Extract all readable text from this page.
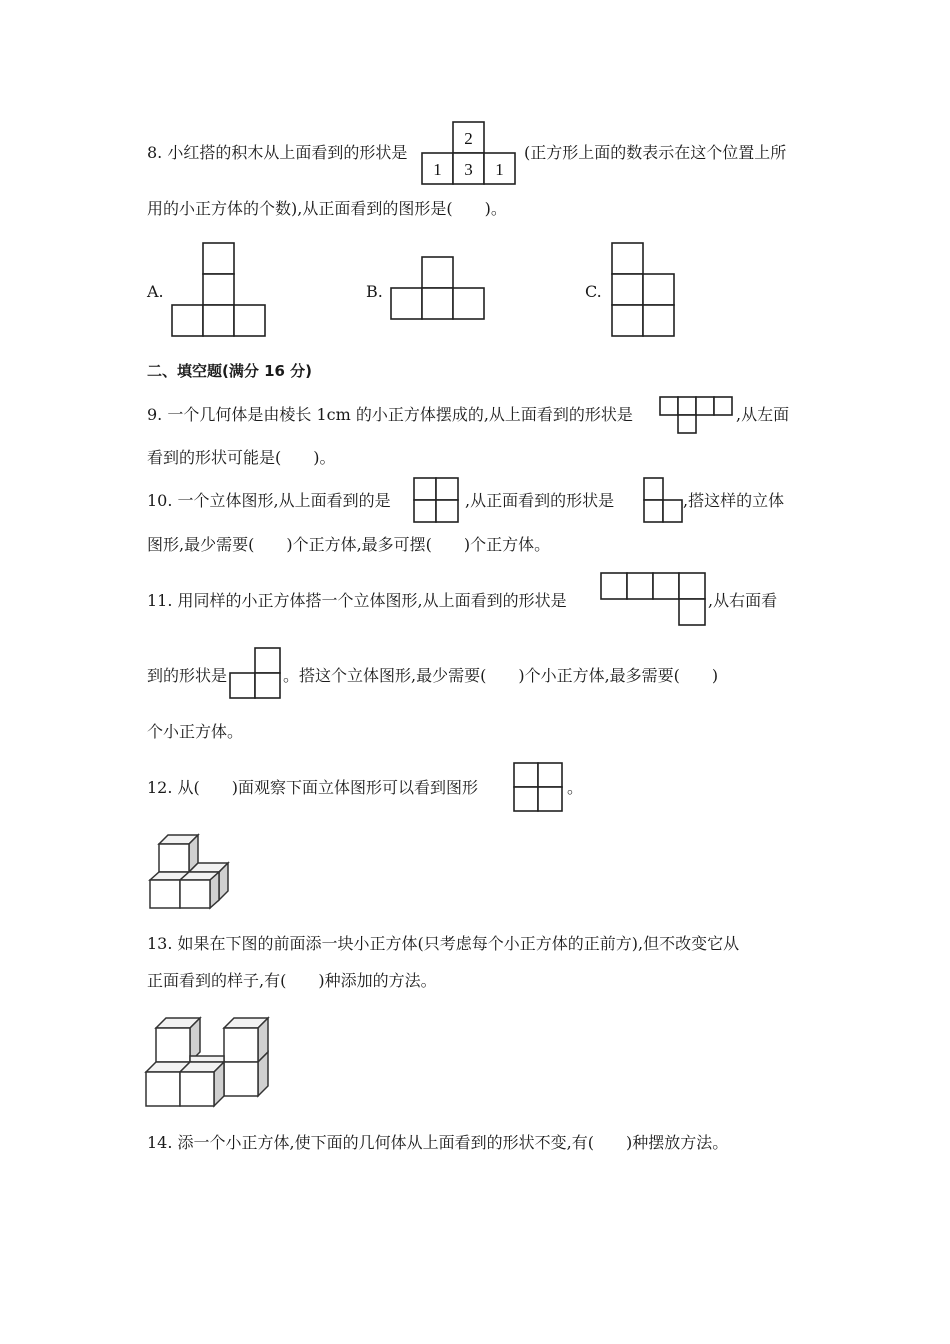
8. 小红搭的积木从上面看到的形状是
2
1 3 1
(正方形上面的数表示在这个位置上所
用的小正方体的个数),从正面看到的图形是(　　)。
A.	B.	C.
二、填空题(满分 16 分)
9. 一个几何体是由棱长 1cm 的小正方体摆成的,从上面看到的形状是	,从左面
看到的形状可能是(　　)。
10. 一个立体图形,从上面看到的是	,从正面看到的形状是	,搭这样的立体
图形,最少需要(　　)个正方体,最多可摆(　　)个正方体。
11. 用同样的小正方体搭一个立体图形,从上面看到的形状是	,从右面看
到的形状是	。搭这个立体图形,最少需要(　　)个小正方体,最多需要(　　)
个小正方体。
12. 从(　　)面观察下面立体图形可以看到图形	。
13. 如果在下图的前面添一块小正方体(只考虑每个小正方体的正前方),但不改变它从
正面看到的样子,有(　　)种添加的方法。
14. 添一个小正方体,使下面的几何体从上面看到的形状不变,有(　　)种摆放方法。
